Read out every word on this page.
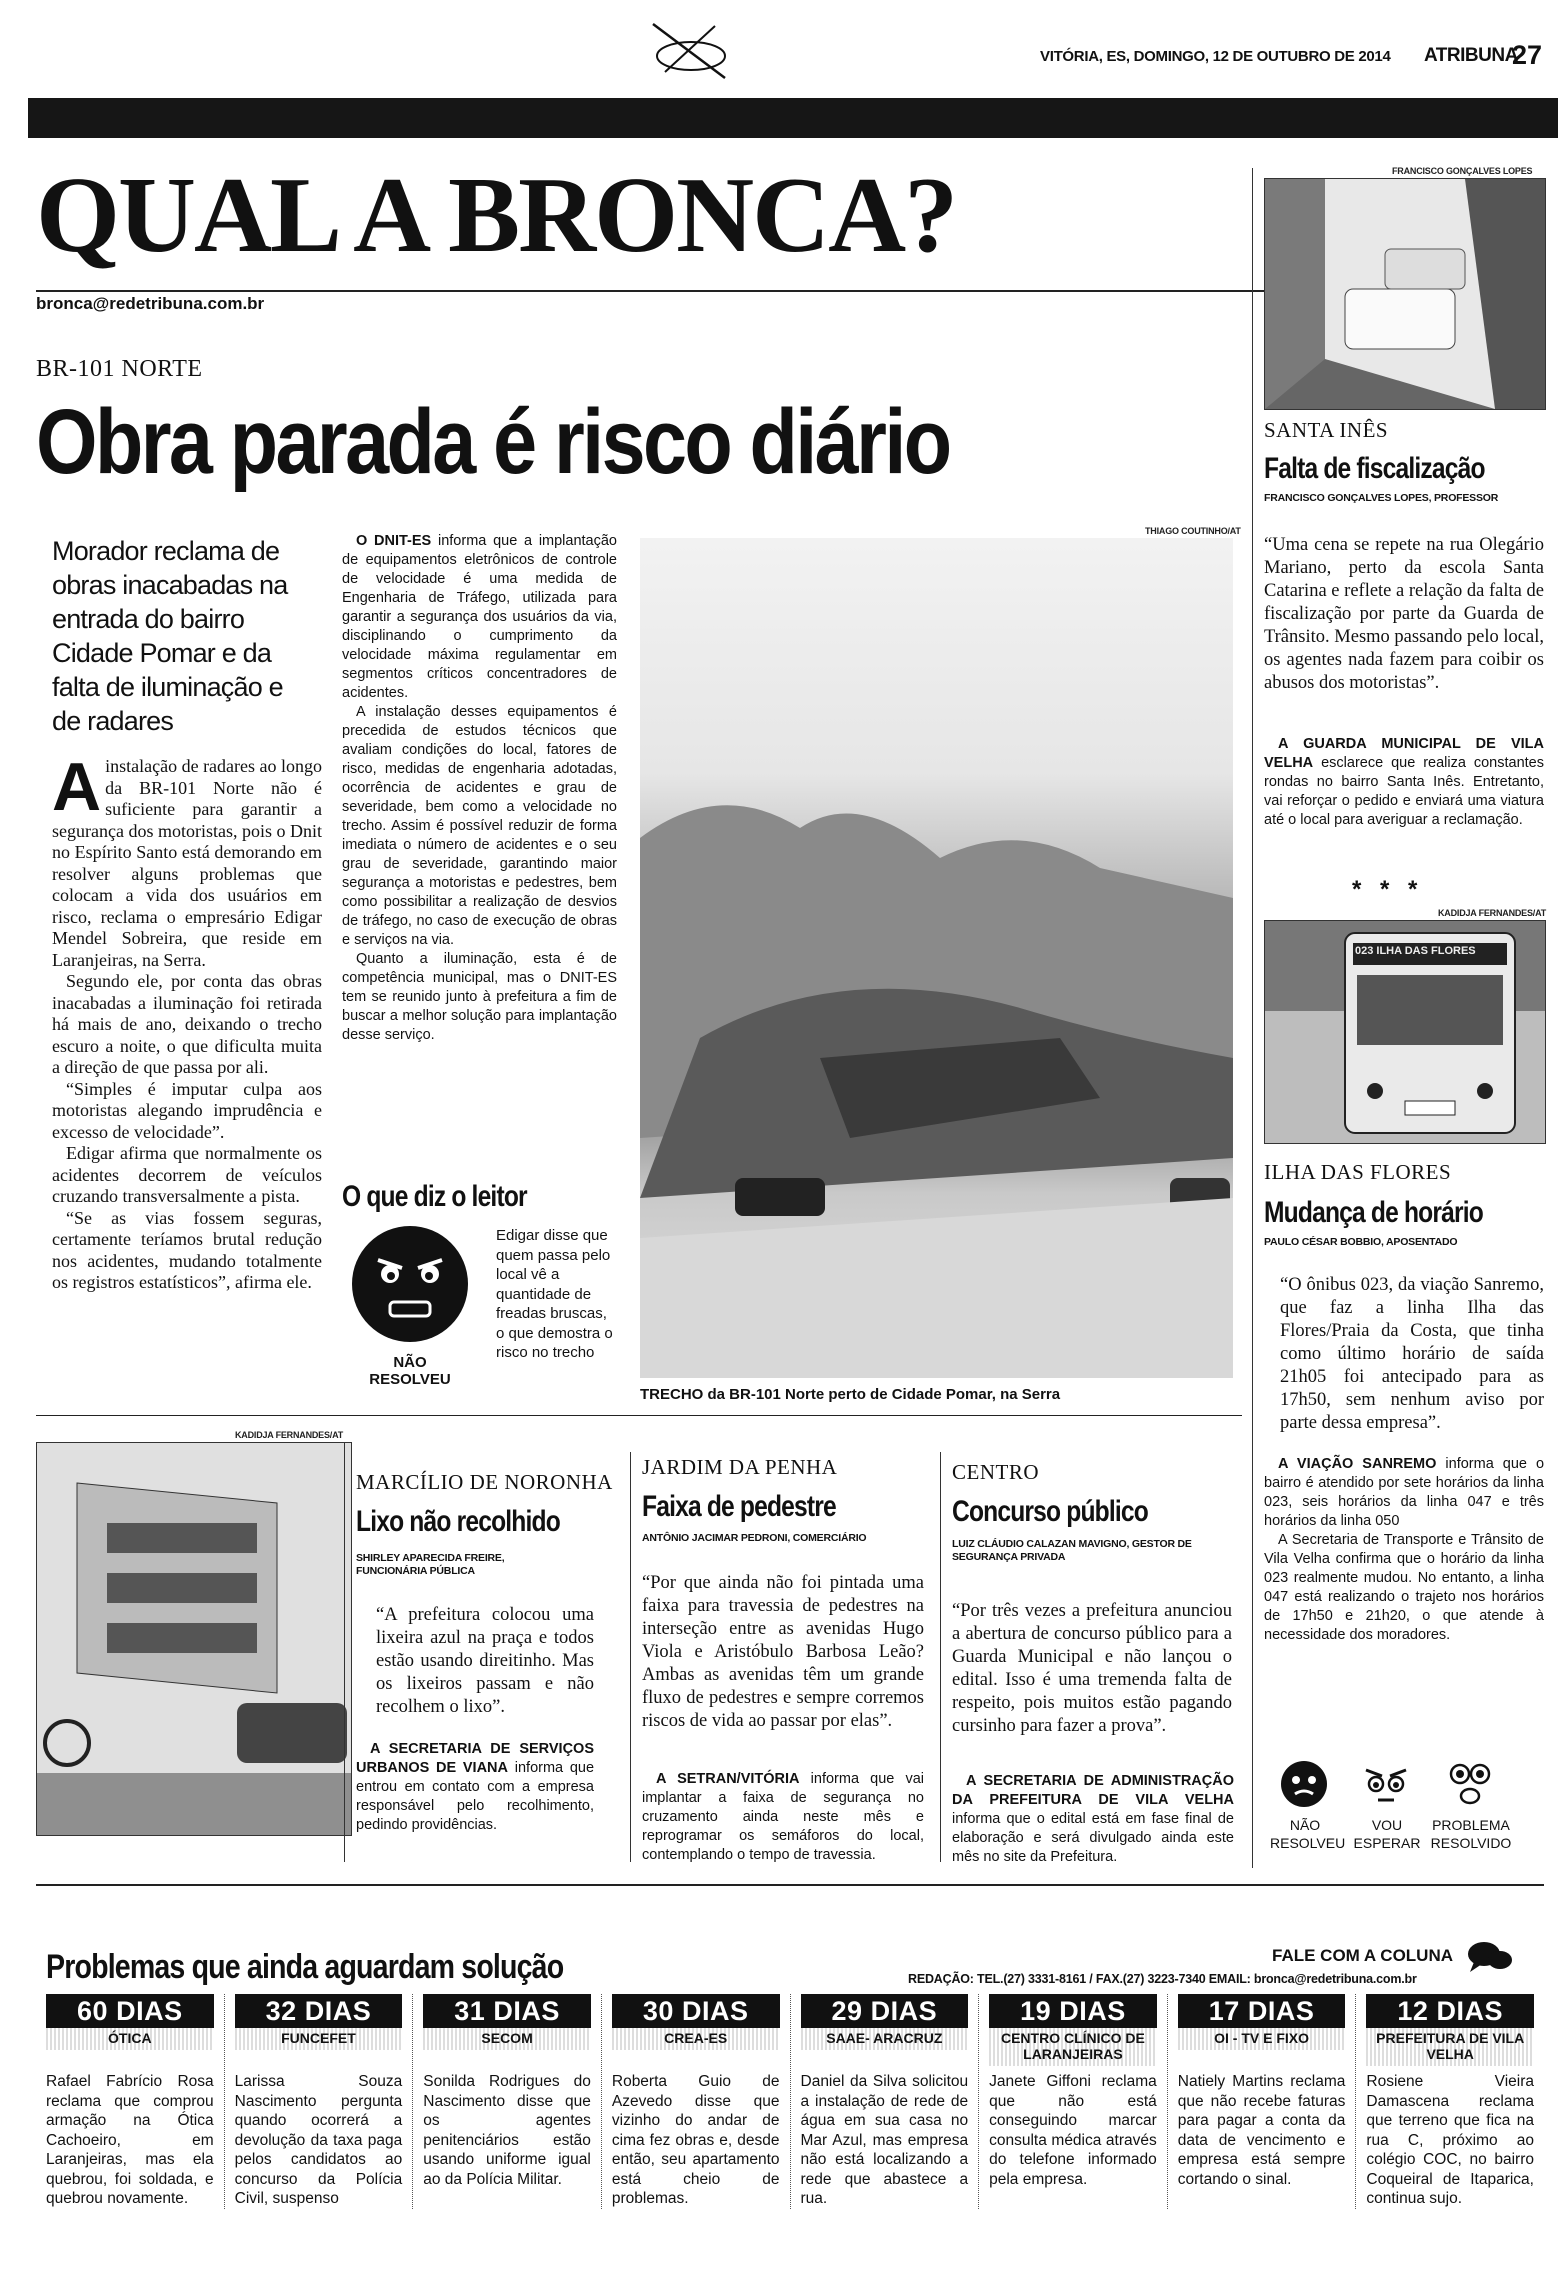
VITÓRIA, ES, DOMINGO, 12 DE OUTUBRO DE 2014 ATRIBUNA
27
QUAL A BRONCA?
bronca@redetribuna.com.br
BR-101 NORTE
Obra parada é risco diário
Morador reclama de obras inacabadas na entrada do bairro Cidade Pomar e da falta de iluminação e de radares
A instalação de radares ao longo da BR-101 Norte não é suficiente para garantir a segurança dos motoristas, pois o Dnit no Espírito Santo está demorando em resolver alguns problemas que colocam a vida dos usuários em risco, reclama o empresário Edigar Mendel Sobreira, que reside em Laranjeiras, na Serra.
Segundo ele, por conta das obras inacabadas a iluminação foi retirada há mais de ano, deixando o trecho escuro a noite, o que dificulta muita a direção de que passa por ali.
“Simples é imputar culpa aos motoristas alegando imprudência e excesso de velocidade”.
Edigar afirma que normalmente os acidentes decorrem de veículos cruzando transversalmente a pista.
“Se as vias fossem seguras, certamente teríamos brutal redução nos acidentes, mudando totalmente os registros estatísticos”, afirma ele.
O DNIT-ES informa que a implantação de equipamentos eletrônicos de controle de velocidade é uma medida de Engenharia de Tráfego, utilizada para garantir a segurança dos usuários da via, disciplinando o cumprimento da velocidade máxima regulamentar em segmentos críticos concentradores de acidentes.
A instalação desses equipamentos é precedida de estudos técnicos que avaliam condições do local, fatores de risco, medidas de engenharia adotadas, ocorrência de acidentes e grau de severidade, bem como a velocidade no trecho. Assim é possível reduzir de forma imediata o número de acidentes e o seu grau de severidade, garantindo maior segurança a motoristas e pedestres, bem como possibilitar a realização de desvios de tráfego, no caso de execução de obras e serviços na via.
Quanto a iluminação, esta é de competência municipal, mas o DNIT-ES tem se reunido junto à prefeitura a fim de buscar a melhor solução para implantação desse serviço.
O que diz o leitor
NÃO RESOLVEU
Edigar disse que quem passa pelo local vê a quantidade de freadas bruscas, o que demostra o risco no trecho
THIAGO COUTINHO/AT
TRECHO da BR-101 Norte perto de Cidade Pomar, na Serra
FRANCISCO GONÇALVES LOPES
SANTA INÊS
Falta de fiscalização
FRANCISCO GONÇALVES LOPES, PROFESSOR
“Uma cena se repete na rua Olegário Mariano, perto da escola Santa Catarina e reflete a relação da falta de fiscalização por parte da Guarda de Trânsito. Mesmo passando pelo local, os agentes nada fazem para coibir os abusos dos motoristas”.
A GUARDA MUNICIPAL DE VILA VELHA esclarece que realiza constantes rondas no bairro Santa Inês. Entretanto, vai reforçar o pedido e enviará uma viatura até o local para averiguar a reclamação.
* * *
KADIDJA FERNANDES/AT
023 ILHA DAS FLORES
ILHA DAS FLORES
Mudança de horário
PAULO CÉSAR BOBBIO, APOSENTADO
“O ônibus 023, da viação Sanremo, que faz a linha Ilha das Flores/Praia da Costa, que tinha como último horário de saída 21h05 foi antecipado para as 17h50, sem nenhum aviso por parte dessa empresa”.
A VIAÇÃO SANREMO informa que o bairro é atendido por sete horários da linha 023, seis horários da linha 047 e três horários da linha 050
A Secretaria de Transporte e Trânsito de Vila Velha confirma que o horário da linha 023 realmente mudou. No entanto, a linha 047 está realizando o trajeto nos horários de 17h50 e 21h20, o que atende à necessidade dos moradores.
NÃO RESOLVEU
VOU ESPERAR
PROBLEMA RESOLVIDO
KADIDJA FERNANDES/AT
MARCÍLIO DE NORONHA
Lixo não recolhido
SHIRLEY APARECIDA FREIRE, FUNCIONÁRIA PÚBLICA
“A prefeitura colocou uma lixeira azul na praça e todos estão usando direitinho. Mas os lixeiros passam e não recolhem o lixo”.
A SECRETARIA DE SERVIÇOS URBANOS DE VIANA informa que entrou em contato com a empresa responsável pelo recolhimento, pedindo providências.
JARDIM DA PENHA
Faixa de pedestre
ANTÔNIO JACIMAR PEDRONI, COMERCIÁRIO
“Por que ainda não foi pintada uma faixa para travessia de pedestres na interseção entre as avenidas Hugo Viola e Aristóbulo Barbosa Leão? Ambas as avenidas têm um grande fluxo de pedestres e sempre corremos riscos de vida ao passar por elas”.
A SETRAN/VITÓRIA informa que vai implantar a faixa de segurança no cruzamento ainda neste mês e reprogramar os semáforos do local, contemplando o tempo de travessia.
CENTRO
Concurso público
LUIZ CLÁUDIO CALAZAN MAVIGNO, GESTOR DE SEGURANÇA PRIVADA
“Por três vezes a prefeitura anunciou a abertura de concurso público para a Guarda Municipal e não lançou o edital. Isso é uma tremenda falta de respeito, pois muitos estão pagando cursinho para fazer a prova”.
A SECRETARIA DE ADMINISTRAÇÃO DA PREFEITURA DE VILA VELHA informa que o edital está em fase final de elaboração e será divulgado ainda este mês no site da Prefeitura.
Problemas que ainda aguardam solução	FALE COM A COLUNA
REDAÇÃO: TEL.(27) 3331-8161 / FAX.(27) 3223-7340 EMAIL: bronca@redetribuna.com.br
60 DIAS
ÓTICA
Rafael Fabrício Rosa reclama que comprou armação na Ótica Cachoeiro, em Laranjeiras, mas ela quebrou, foi soldada, e quebrou novamente.
32 DIAS
FUNCEFET
Larissa Souza Nascimento pergunta quando ocorrerá a devolução da taxa paga pelos candidatos ao concurso da Polícia Civil, suspenso
31 DIAS
SECOM
Sonilda Rodrigues do Nascimento disse que os agentes penitenciários estão usando uniforme igual ao da Polícia Militar.
30 DIAS
CREA-ES
Roberta Guio de Azevedo disse que vizinho do andar de cima fez obras e, desde então, seu apartamento está cheio de problemas.
29 DIAS
SAAE- ARACRUZ
Daniel da Silva solicitou a instalação de rede de água em sua casa no Mar Azul, mas empresa não está localizando a rede que abastece a rua.
19 DIAS
CENTRO CLÍNICO DE LARANJEIRAS
Janete Giffoni reclama que não está conseguindo marcar consulta médica através do telefone informado pela empresa.
17 DIAS
OI - TV E FIXO
Natiely Martins reclama que não recebe faturas para pagar a conta da data de vencimento e empresa está sempre cortando o sinal.
12 DIAS
PREFEITURA DE VILA VELHA
Rosiene Vieira Damascena reclama que terreno que fica na rua C, próximo ao colégio COC, no bairro Coqueiral de Itaparica, continua sujo.
